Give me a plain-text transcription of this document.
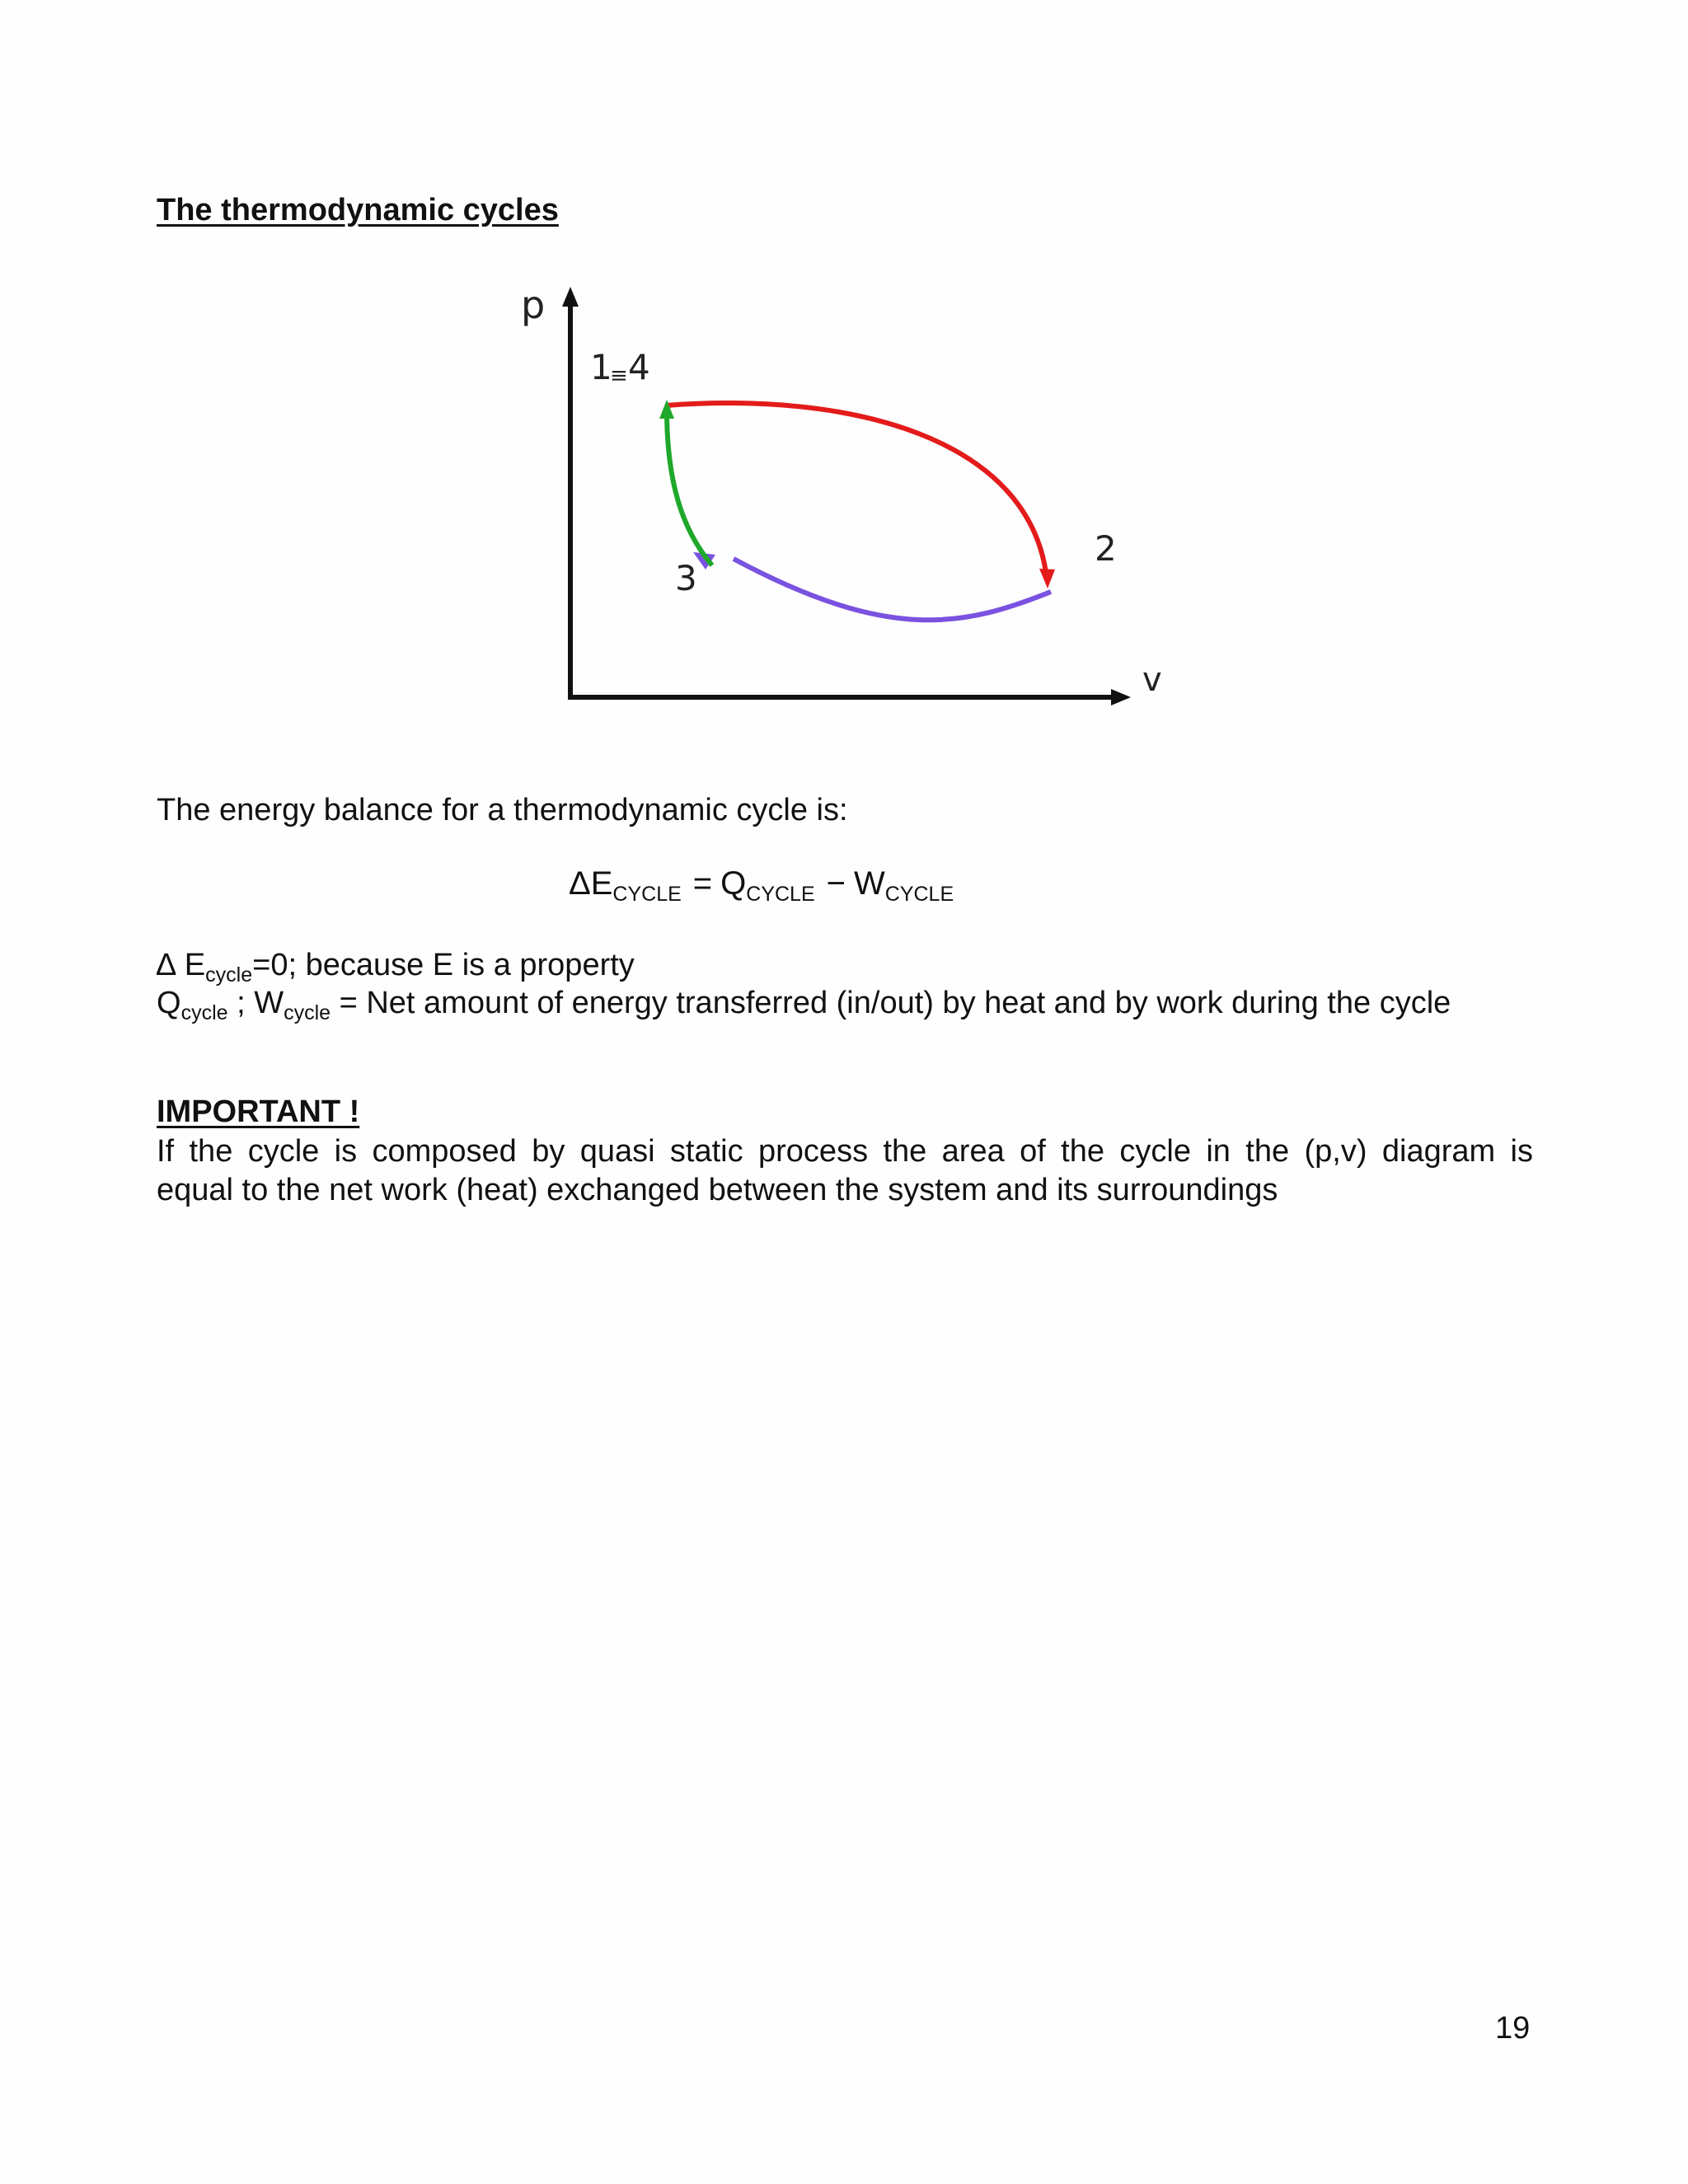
The thermodynamic cycles
p
v
1
≡ 4
2
3
The energy balance for a thermodynamic cycle is:
$\Delta E_{CYCLE} = Q_{CYCLE} - W_{CYCLE}$
∆ $E_{cycle}=0$; because E is a property
$Q_{cycle}$ ; $W_{cycle}$ = Net amount of energy transferred (in/out) by heat and by work during the cycle
IMPORTANT !
If the cycle is composed by quasi static process the area of the cycle in the (p,v) diagram is
equal to the net work (heat) exchanged between the system and its surroundings
19
